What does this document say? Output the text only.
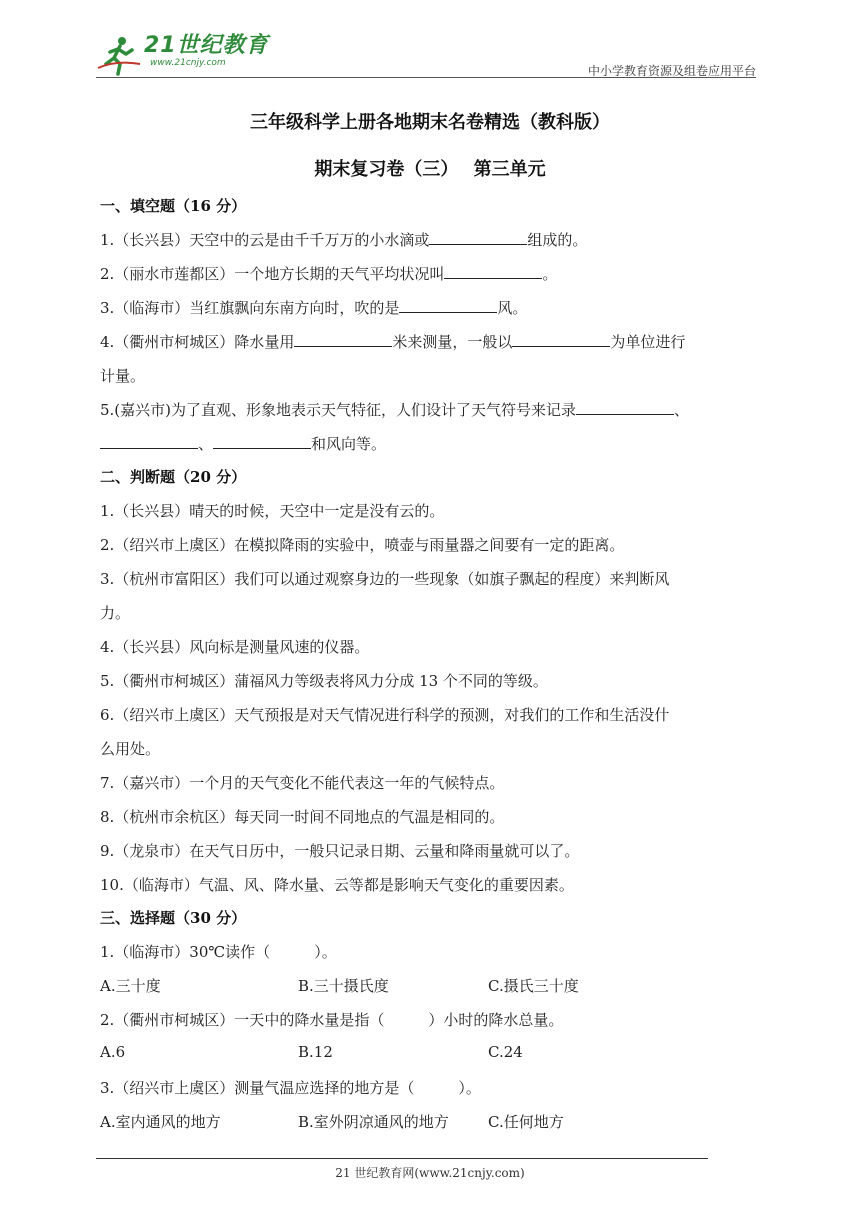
21世纪教育
www.21cnjy.com
中小学教育资源及组卷应用平台
三年级科学上册各地期末名卷精选（教科版）
期末复习卷（三）　 第三单元
一、填空题（16 分）
1.（长兴县）天空中的云是由千千万万的小水滴或	组成的。
2.（丽水市莲都区）一个地方长期的天气平均状况叫	。
3.（临海市）当红旗飘向东南方向时，吹的是	风。
4.（衢州市柯城区）降水量用	米来测量，一般以	为单位进行
计量。
5.(嘉兴市)为了直观、形象地表示天气特征，人们设计了天气符号来记录	、
、	和风向等。
二、判断题（20 分）
1.（长兴县）晴天的时候，天空中一定是没有云的。
2.（绍兴市上虞区）在模拟降雨的实验中，喷壶与雨量器之间要有一定的距离。
3.（杭州市富阳区）我们可以通过观察身边的一些现象（如旗子飘起的程度）来判断风
力。
4.（长兴县）风向标是测量风速的仪器。
5.（衢州市柯城区）蒲福风力等级表将风力分成 13 个不同的等级。
6.（绍兴市上虞区）天气预报是对天气情况进行科学的预测，对我们的工作和生活没什
么用处。
7.（嘉兴市）一个月的天气变化不能代表这一年的气候特点。
8.（杭州市余杭区）每天同一时间不同地点的气温是相同的。
9.（龙泉市）在天气日历中，一般只记录日期、云量和降雨量就可以了。
10.（临海市）气温、风、降水量、云等都是影响天气变化的重要因素。
三、选择题（30 分）
1.（临海市）30℃读作（	）。
A.三十度	B.三十摄氏度	C.摄氏三十度
2.（衢州市柯城区）一天中的降水量是指（	）小时的降水总量。
A.6	B.12	C.24
3.（绍兴市上虞区）测量气温应选择的地方是（	）。
A.室内通风的地方	B.室外阴凉通风的地方	C.任何地方
21 世纪教育网(www.21cnjy.com)
